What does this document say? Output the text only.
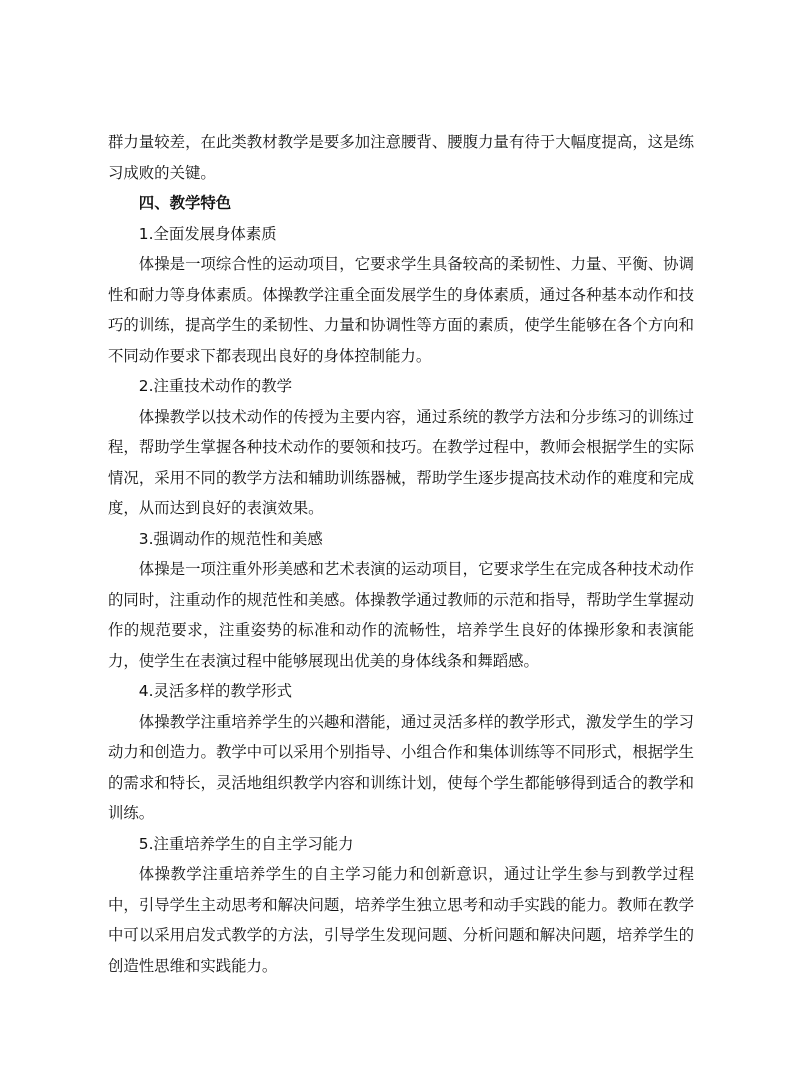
群力量较差，在此类教材教学是要多加注意腰背、腰腹力量有待于大幅度提高，这是练习成败的关键。

四、教学特色

1.全面发展身体素质

体操是一项综合性的运动项目，它要求学生具备较高的柔韧性、力量、平衡、协调性和耐力等身体素质。体操教学注重全面发展学生的身体素质，通过各种基本动作和技巧的训练，提高学生的柔韧性、力量和协调性等方面的素质，使学生能够在各个方向和不同动作要求下都表现出良好的身体控制能力。

2.注重技术动作的教学

体操教学以技术动作的传授为主要内容，通过系统的教学方法和分步练习的训练过程，帮助学生掌握各种技术动作的要领和技巧。在教学过程中，教师会根据学生的实际情况，采用不同的教学方法和辅助训练器械，帮助学生逐步提高技术动作的难度和完成度，从而达到良好的表演效果。

3.强调动作的规范性和美感

体操是一项注重外形美感和艺术表演的运动项目，它要求学生在完成各种技术动作的同时，注重动作的规范性和美感。体操教学通过教师的示范和指导，帮助学生掌握动作的规范要求，注重姿势的标准和动作的流畅性，培养学生良好的体操形象和表演能力，使学生在表演过程中能够展现出优美的身体线条和舞蹈感。

4.灵活多样的教学形式

体操教学注重培养学生的兴趣和潜能，通过灵活多样的教学形式，激发学生的学习动力和创造力。教学中可以采用个别指导、小组合作和集体训练等不同形式，根据学生的需求和特长，灵活地组织教学内容和训练计划，使每个学生都能够得到适合的教学和训练。

5.注重培养学生的自主学习能力

体操教学注重培养学生的自主学习能力和创新意识，通过让学生参与到教学过程中，引导学生主动思考和解决问题，培养学生独立思考和动手实践的能力。教师在教学中可以采用启发式教学的方法，引导学生发现问题、分析问题和解决问题，培养学生的创造性思维和实践能力。
